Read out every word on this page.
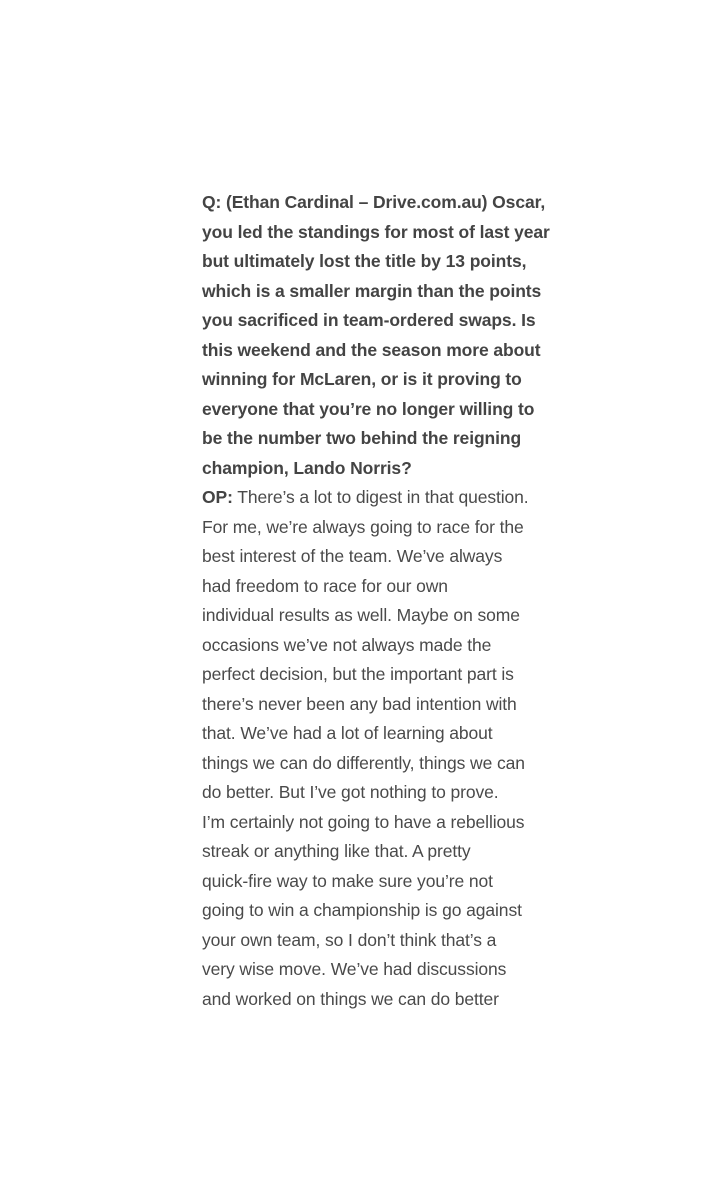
Q: (Ethan Cardinal – Drive.com.au) Oscar,
you led the standings for most of last year
but ultimately lost the title by 13 points,
which is a smaller margin than the points
you sacrificed in team-ordered swaps. Is
this weekend and the season more about
winning for McLaren, or is it proving to
everyone that you’re no longer willing to
be the number two behind the reigning
champion, Lando Norris?
OP: There’s a lot to digest in that question.
For me, we’re always going to race for the
best interest of the team. We’ve always
had freedom to race for our own
individual results as well. Maybe on some
occasions we’ve not always made the
perfect decision, but the important part is
there’s never been any bad intention with
that. We’ve had a lot of learning about
things we can do differently, things we can
do better. But I’ve got nothing to prove.
I’m certainly not going to have a rebellious
streak or anything like that. A pretty
quick-fire way to make sure you’re not
going to win a championship is go against
your own team, so I don’t think that’s a
very wise move. We’ve had discussions
and worked on things we can do better
